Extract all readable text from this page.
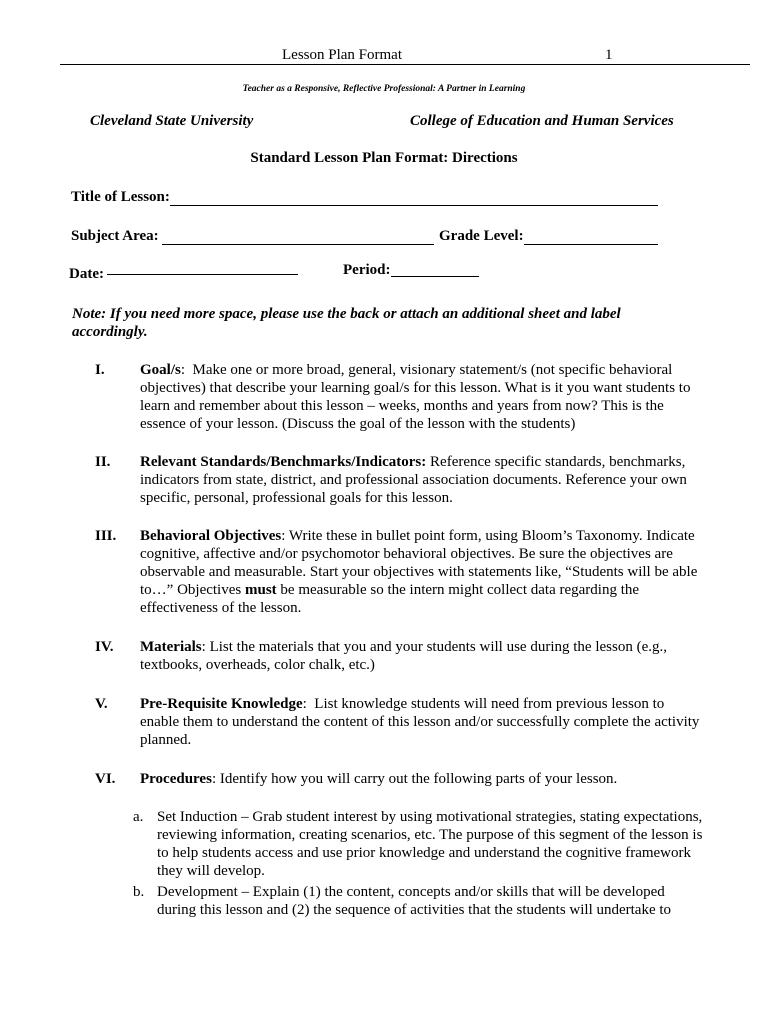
Lesson Plan Format	1
Teacher as a Responsive, Reflective Professional: A Partner in Learning
Cleveland State University	College of Education and Human Services
Standard Lesson Plan Format: Directions
Title of Lesson:
Subject Area:	Grade Level:
Date:	Period:
Note: If you need more space, please use the back or attach an additional sheet and label accordingly.
I. Goal/s:  Make one or more broad, general, visionary statement/s (not specific behavioral objectives) that describe your learning goal/s for this lesson. What is it you want students to learn and remember about this lesson – weeks, months and years from now? This is the essence of your lesson. (Discuss the goal of the lesson with the students)
II. Relevant Standards/Benchmarks/Indicators: Reference specific standards, benchmarks, indicators from state, district, and professional association documents. Reference your own specific, personal, professional goals for this lesson.
III. Behavioral Objectives: Write these in bullet point form, using Bloom’s Taxonomy. Indicate cognitive, affective and/or psychomotor behavioral objectives. Be sure the objectives are observable and measurable. Start your objectives with statements like, “Students will be able to…” Objectives must be measurable so the intern might collect data regarding the effectiveness of the lesson.
IV. Materials: List the materials that you and your students will use during the lesson (e.g., textbooks, overheads, color chalk, etc.)
V. Pre-Requisite Knowledge:  List knowledge students will need from previous lesson to enable them to understand the content of this lesson and/or successfully complete the activity planned.
VI. Procedures: Identify how you will carry out the following parts of your lesson.
a. Set Induction – Grab student interest by using motivational strategies, stating expectations, reviewing information, creating scenarios, etc. The purpose of this segment of the lesson is to help students access and use prior knowledge and understand the cognitive framework they will develop.
b. Development – Explain (1) the content, concepts and/or skills that will be developed during this lesson and (2) the sequence of activities that the students will undertake to
